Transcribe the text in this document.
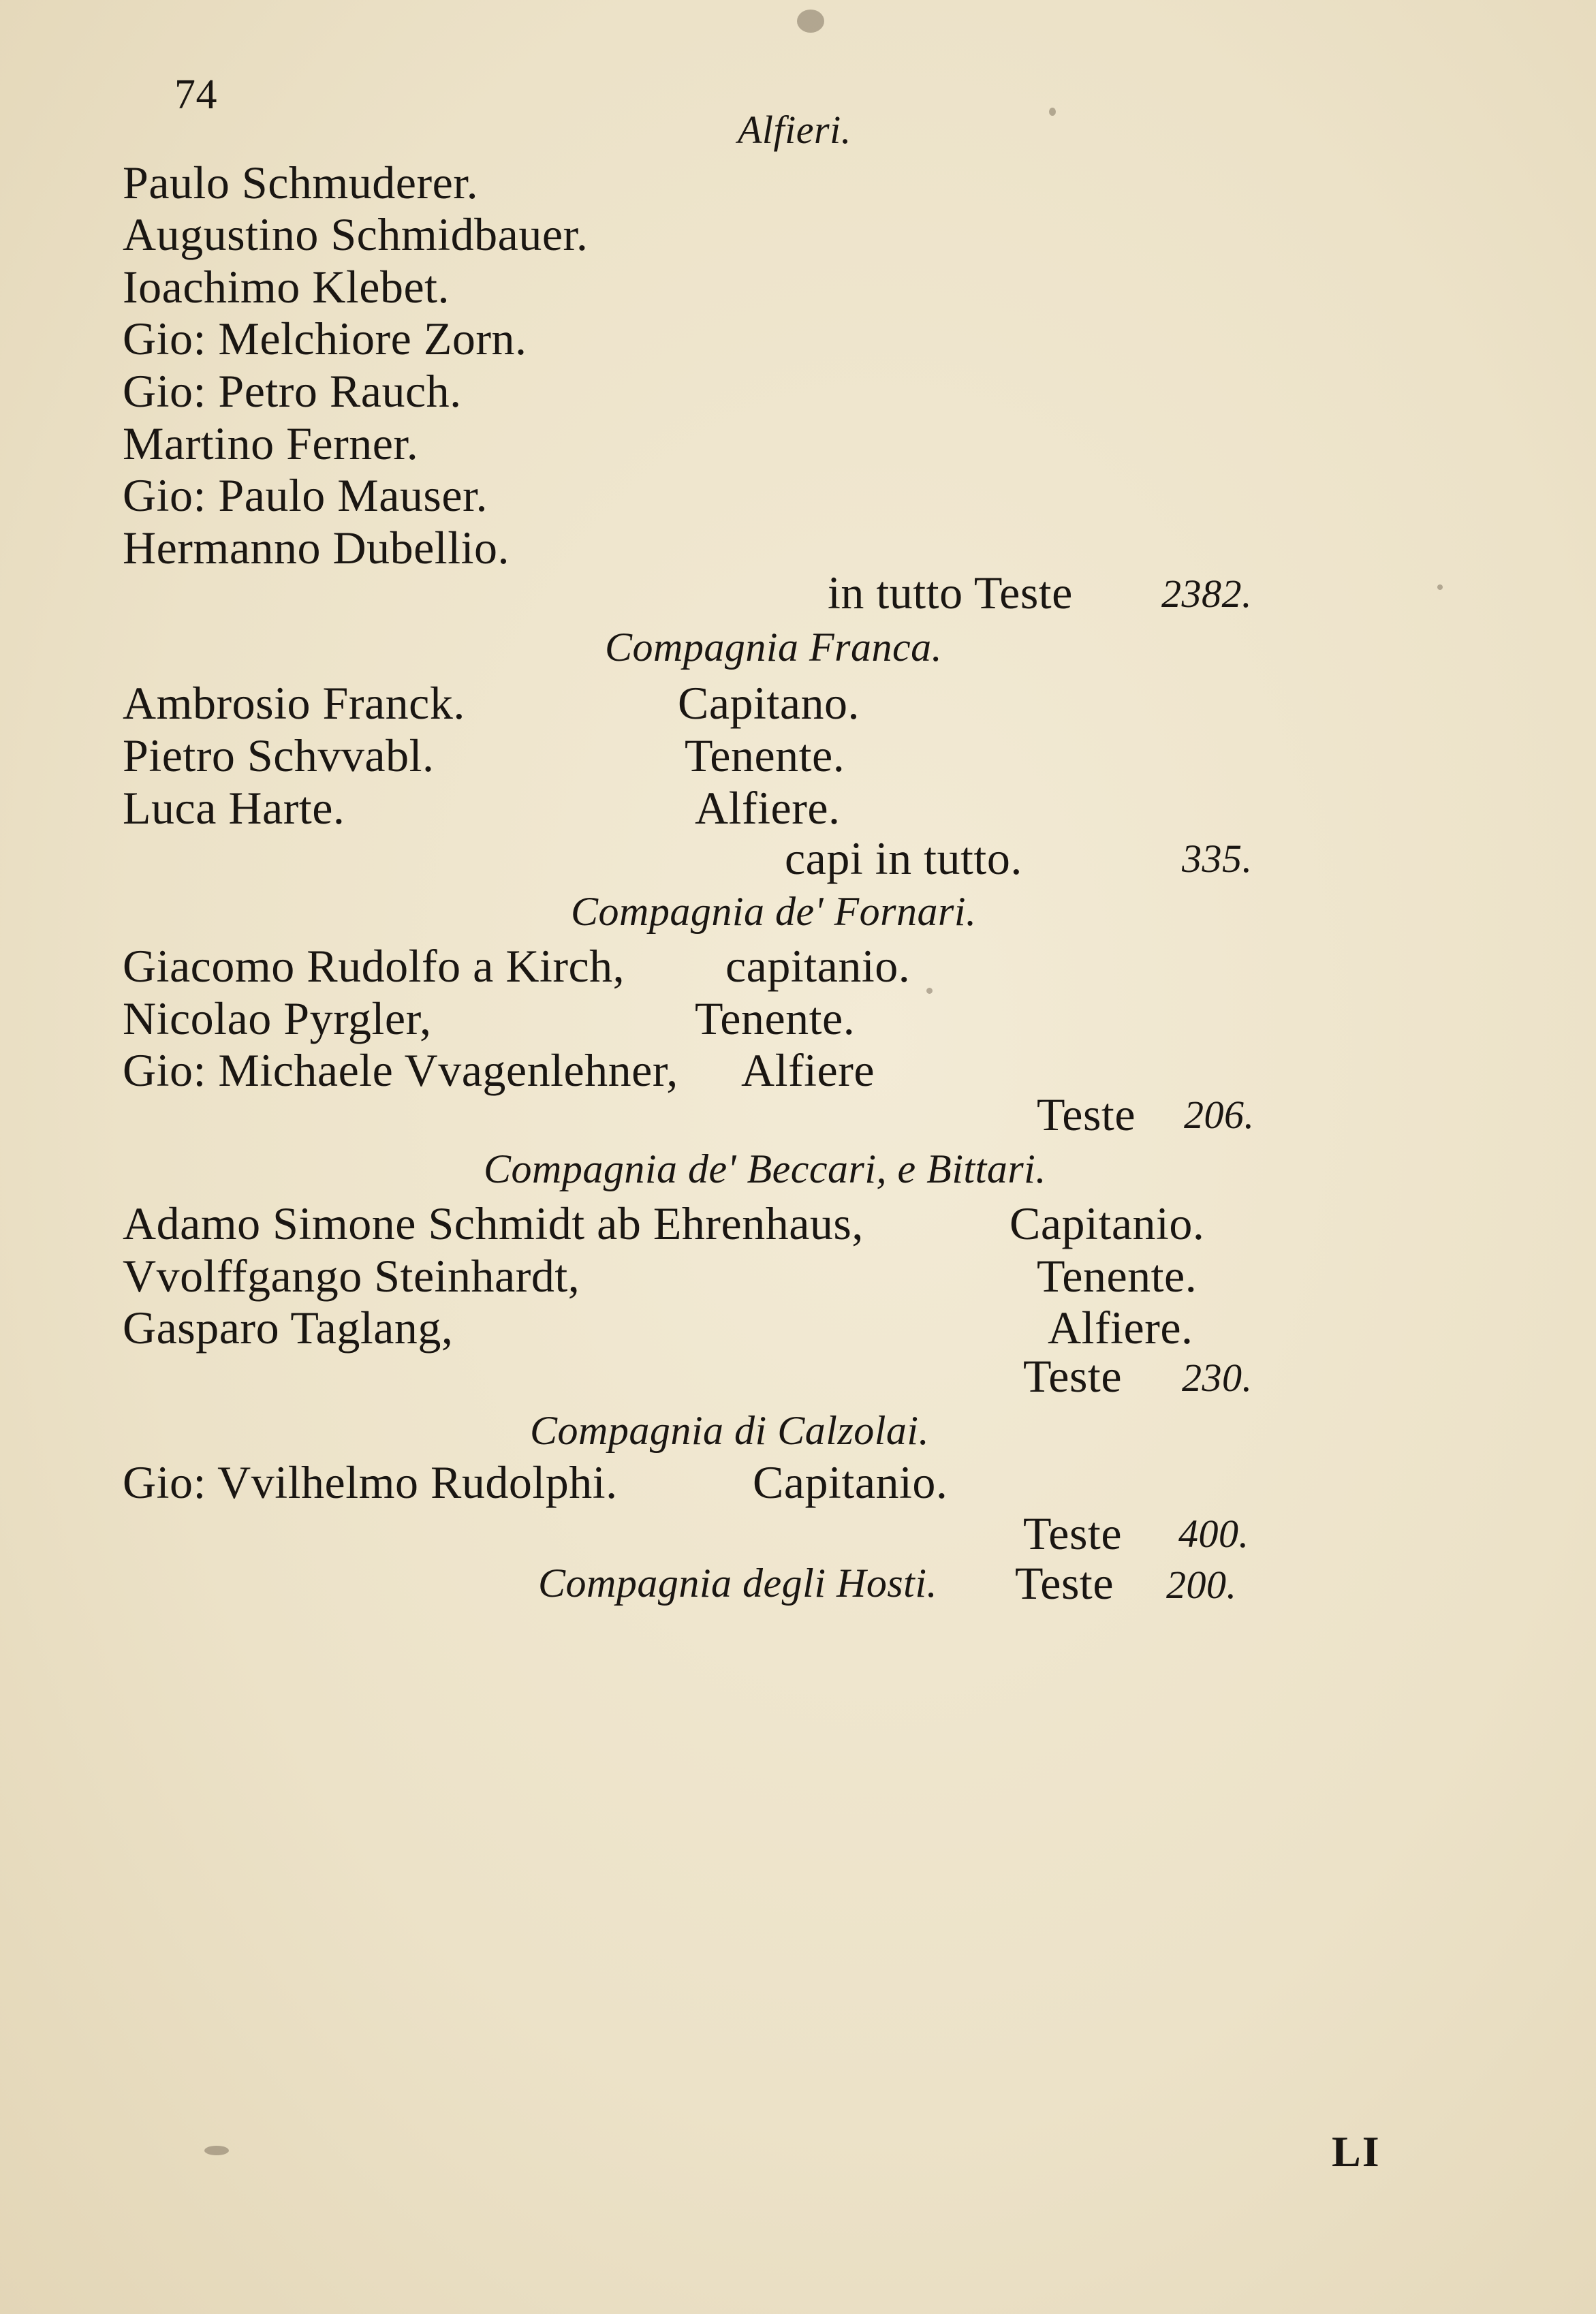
74
Alfieri.
Paulo Schmuderer.
Augustino Schmidbauer.
Ioachimo Klebet.
Gio: Melchiore Zorn.
Gio: Petro Rauch.
Martino Ferner.
Gio: Paulo Mauser.
Hermanno Dubellio.
in tutto Teste 2382.
Compagnia Franca.
Ambrosio Franck.	Capitano.
Pietro Schvvabl.	Tenente.
Luca Harte.	Alfiere.
capi in tutto.	335.
Compagnia de' Fornari.
Giacomo Rudolfo a Kirch, capitanio.
Nicolao Pyrgler,	Tenente.
Gio: Michaele Vvagenlehner, Alfiere
Teste 206.
Compagnia de' Beccari, e Bittari.
Adamo Simone Schmidt ab Ehrenhaus,	Capitanio.
Vvolffgango Steinhardt,	Tenente.
Gasparo Taglang,	Alfiere.
Teste 230.
Compagnia di Calzolai.
Gio: Vvilhelmo Rudolphi.	Capitanio.
Teste 400.
Compagnia degli Hosti. Teste 200.
LI
